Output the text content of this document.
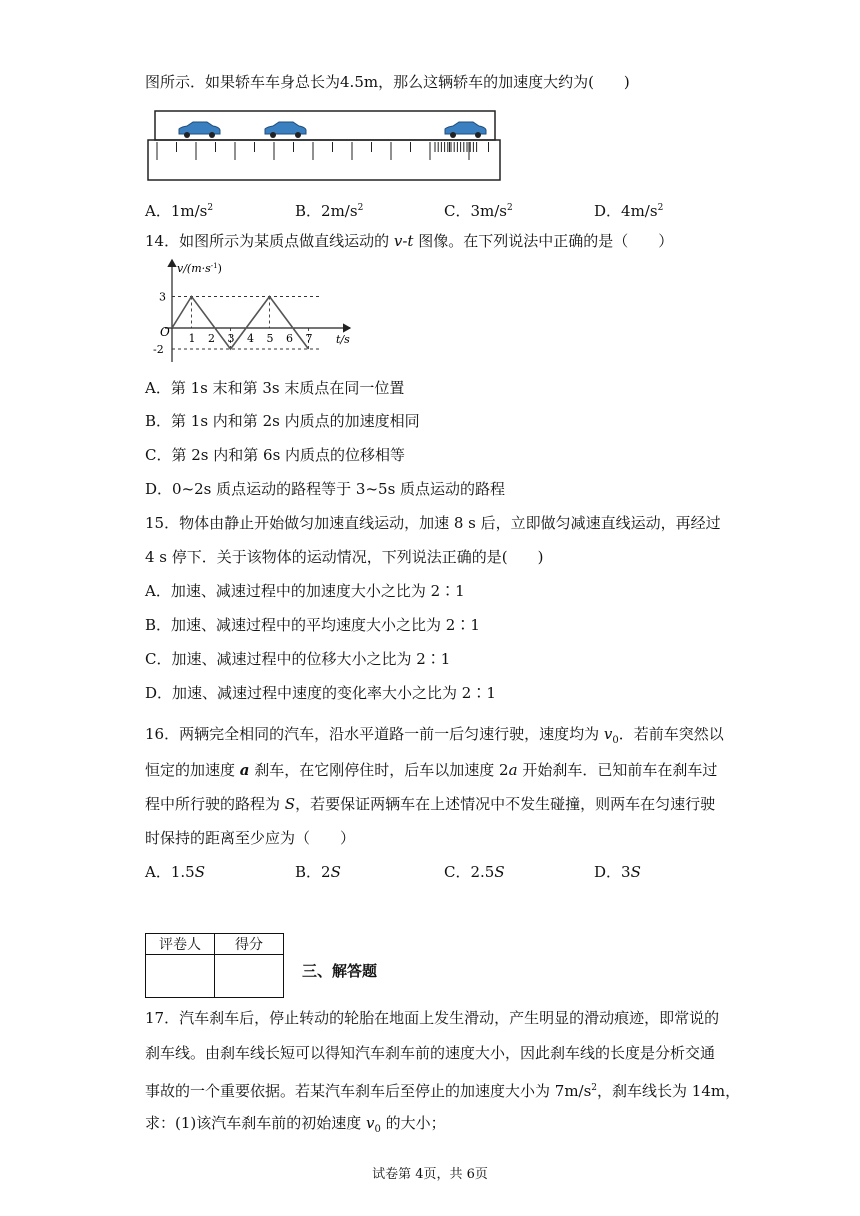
图所示．如果轿车车身总长为4.5m，那么这辆轿车的加速度大约为(　　)
A．$1m/s^2$	B．$2m/s^2$	C．$3m/s^2$	D．$4m/s^2$
14．如图所示为某质点做直线运动的 v-t 图像。在下列说法中正确的是（　　）
$v/(m\cdot s^{-1})$
t/s
O
3
-2
1 2 3 4 5 6 7
A．第 1s 末和第 3s 末质点在同一位置
B．第 1s 内和第 2s 内质点的加速度相同
C．第 2s 内和第 6s 内质点的位移相等
D．0~2s 质点运动的路程等于 3~5s 质点运动的路程
15．物体由静止开始做匀加速直线运动，加速 8 s 后，立即做匀减速直线运动，再经过
4 s 停下．关于该物体的运动情况，下列说法正确的是(　　)
A．加速、减速过程中的加速度大小之比为 2∶1
B．加速、减速过程中的平均速度大小之比为 2∶1
C．加速、减速过程中的位移大小之比为 2∶1
D．加速、减速过程中速度的变化率大小之比为 2∶1
16．两辆完全相同的汽车，沿水平道路一前一后匀速行驶，速度均为 $v_0$．若前车突然以
恒定的加速度 a 刹车，在它刚停住时，后车以加速度 2a 开始刹车．已知前车在刹车过
程中所行驶的路程为 S，若要保证两辆车在上述情况中不发生碰撞，则两车在匀速行驶
时保持的距离至少应为（　　）
A．1.5S	B．2S	C．2.5S	D．3S
评卷人	得分

三、解答题
17．汽车刹车后，停止转动的轮胎在地面上发生滑动，产生明显的滑动痕迹，即常说的
刹车线。由刹车线长短可以得知汽车刹车前的速度大小，因此刹车线的长度是分析交通
事故的一个重要依据。若某汽车刹车后至停止的加速度大小为 $7m/s^2$，刹车线长为 14m，
求：(1)该汽车刹车前的初始速度 $v_0$ 的大小；
试卷第 4页，共 6页
